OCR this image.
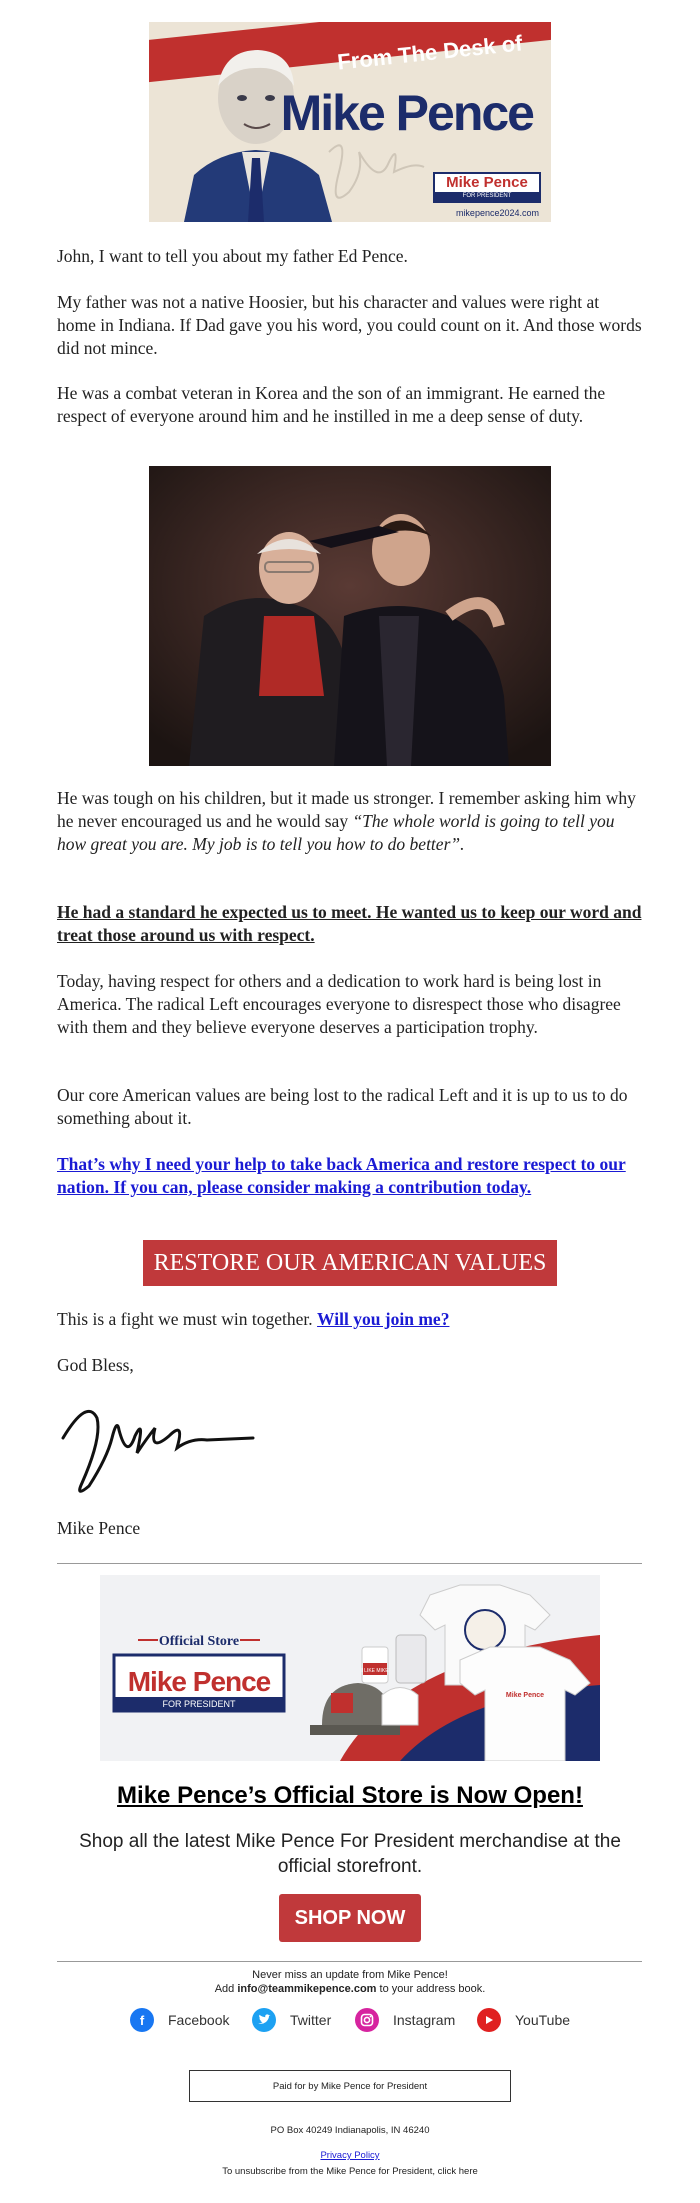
From The Desk of
Mike Pence
Mike Pence
FOR PRESIDENT
mikepence2024.com

John, I want to tell you about my father Ed Pence.

My father was not a native Hoosier, but his character and values were right at home in Indiana. If Dad gave you his word, you could count on it. And those words did not mince.

He was a combat veteran in Korea and the son of an immigrant. He earned the respect of everyone around him and he instilled in me a deep sense of duty.

He was tough on his children, but it made us stronger. I remember asking him why he never encouraged us and he would say “The whole world is going to tell you how great you are. My job is to tell you how to do better”.

He had a standard he expected us to meet. He wanted us to keep our word and treat those around us with respect.

Today, having respect for others and a dedication to work hard is being lost in America. The radical Left encourages everyone to disrespect those who disagree with them and they believe everyone deserves a participation trophy.

Our core American values are being lost to the radical Left and it is up to us to do something about it.

That’s why I need your help to take back America and restore respect to our nation. If you can, please consider making a contribution today.

RESTORE OUR AMERICAN VALUES

This is a fight we must win together. Will you join me?

God Bless,

Mike Pence

Official Store
Mike Pence
FOR PRESIDENT
I LIKE MIKE
Mike Pence
Mike Pence’s Official Store is Now Open!

Shop all the latest Mike Pence For President merchandise at the official storefront.

SHOP NOW
Never miss an update from Mike Pence!
Add info@teammikepence.com to your address book.
f	Facebook	Twitter	Instagram	YouTube
Paid for by Mike Pence for President
PO Box 40249 Indianapolis, IN 46240
Privacy Policy
To unsubscribe from the Mike Pence for President, click here
